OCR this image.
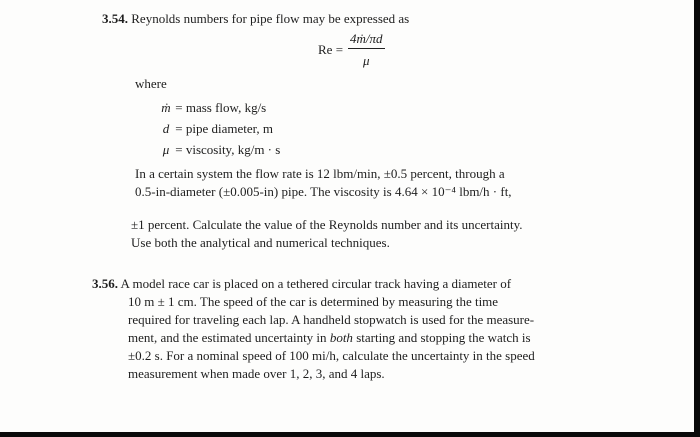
3.54. Reynolds numbers for pipe flow may be expressed as
$Re = \frac{\text{4ṁ/πd}}{\mu}$
where
ṁ = mass flow, kg/s
d = pipe diameter, m
μ = viscosity, kg/m · s
In a certain system the flow rate is 12 lbm/min, ±0.5 percent, through a
0.5-in-diameter (±0.005-in) pipe. The viscosity is 4.64 × 10⁻⁴ lbm/h · ft,
±1 percent. Calculate the value of the Reynolds number and its uncertainty.
Use both the analytical and numerical techniques.
3.56. A model race car is placed on a tethered circular track having a diameter of
10 m ± 1 cm. The speed of the car is determined by measuring the time
required for traveling each lap. A handheld stopwatch is used for the measure-
ment, and the estimated uncertainty in both starting and stopping the watch is
±0.2 s. For a nominal speed of 100 mi/h, calculate the uncertainty in the speed
measurement when made over 1, 2, 3, and 4 laps.
